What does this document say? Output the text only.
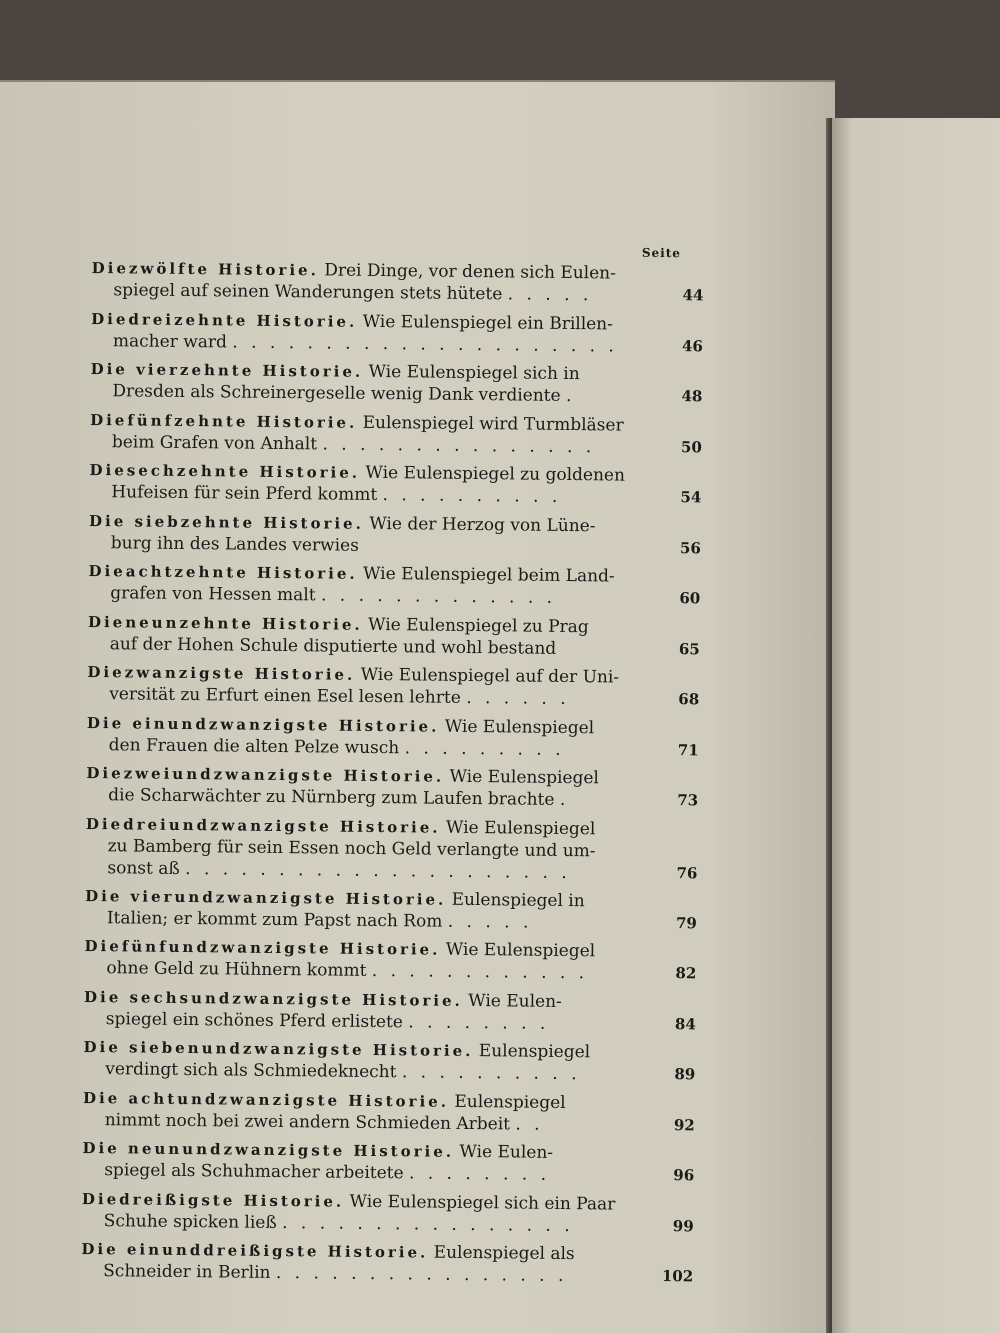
Seite
Diezwölfte Historie. Drei Dinge, vor denen sich Eulen-
spiegel auf seinen Wanderungen stets hütete . . . . .	44
Diedreizehnte Historie. Wie Eulenspiegel ein Brillen-
macher ward . . . . . . . . . . . . . . . . . . . . .	46
Die vierzehnte Historie. Wie Eulenspiegel sich in
Dresden als Schreinergeselle wenig Dank verdiente .	48
Diefünfzehnte Historie. Eulenspiegel wird Turmbläser
beim Grafen von Anhalt . . . . . . . . . . . . . . .	50
Diesechzehnte Historie. Wie Eulenspiegel zu goldenen
Hufeisen für sein Pferd kommt . . . . . . . . . .	54
Die siebzehnte Historie. Wie der Herzog von Lüne-
burg ihn des Landes verwies	56
Dieachtzehnte Historie. Wie Eulenspiegel beim Land-
grafen von Hessen malt . . . . . . . . . . . . .	60
Dieneunzehnte Historie. Wie Eulenspiegel zu Prag
auf der Hohen Schule disputierte und wohl bestand	65
Diezwanzigste Historie. Wie Eulenspiegel auf der Uni-
versität zu Erfurt einen Esel lesen lehrte . . . . . .	68
Die einundzwanzigste Historie. Wie Eulenspiegel
den Frauen die alten Pelze wusch . . . . . . . . .	71
Diezweiundzwanzigste Historie. Wie Eulenspiegel
die Scharwächter zu Nürnberg zum Laufen brachte .	73
Diedreiundzwanzigste Historie. Wie Eulenspiegel
zu Bamberg für sein Essen noch Geld verlangte und um-
sonst aß . . . . . . . . . . . . . . . . . . . . .	76
Die vierundzwanzigste Historie. Eulenspiegel in
Italien; er kommt zum Papst nach Rom . . . . .	79
Diefünfundzwanzigste Historie. Wie Eulenspiegel
ohne Geld zu Hühnern kommt . . . . . . . . . . . .	82
Die sechsundzwanzigste Historie. Wie Eulen-
spiegel ein schönes Pferd erlistete . . . . . . . .	84
Die siebenundzwanzigste Historie. Eulenspiegel
verdingt sich als Schmiedeknecht . . . . . . . . . .	89
Die achtundzwanzigste Historie. Eulenspiegel
nimmt noch bei zwei andern Schmieden Arbeit . .	92
Die neunundzwanzigste Historie. Wie Eulen-
spiegel als Schuhmacher arbeitete . . . . . . . .	96
Diedreißigste Historie. Wie Eulenspiegel sich ein Paar
Schuhe spicken ließ . . . . . . . . . . . . . . . .	99
Die einunddreißigste Historie. Eulenspiegel als
Schneider in Berlin . . . . . . . . . . . . . . . .	102
